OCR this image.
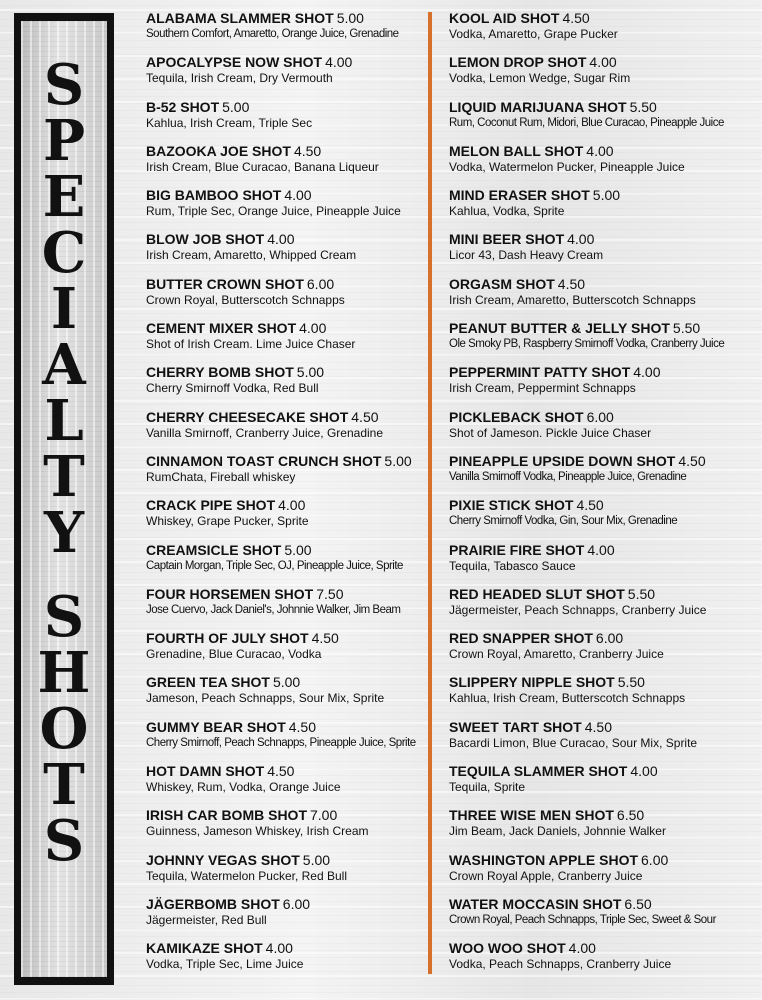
S
P
E
C
I
A
L
T
Y
S
H
O
T
S
ALABAMA SLAMMER SHOT 5.00
Southern Comfort, Amaretto, Orange Juice, Grenadine
APOCALYPSE NOW SHOT 4.00
Tequila, Irish Cream, Dry Vermouth
B-52 SHOT 5.00
Kahlua, Irish Cream, Triple Sec
BAZOOKA JOE SHOT 4.50
Irish Cream, Blue Curacao, Banana Liqueur
BIG BAMBOO SHOT 4.00
Rum, Triple Sec, Orange Juice, Pineapple Juice
BLOW JOB SHOT 4.00
Irish Cream, Amaretto, Whipped Cream
BUTTER CROWN SHOT 6.00
Crown Royal, Butterscotch Schnapps
CEMENT MIXER SHOT 4.00
Shot of Irish Cream. Lime Juice Chaser
CHERRY BOMB SHOT 5.00
Cherry Smirnoff Vodka, Red Bull
CHERRY CHEESECAKE SHOT 4.50
Vanilla Smirnoff, Cranberry Juice, Grenadine
CINNAMON TOAST CRUNCH SHOT 5.00
RumChata, Fireball whiskey
CRACK PIPE SHOT 4.00
Whiskey, Grape Pucker, Sprite
CREAMSICLE SHOT 5.00
Captain Morgan, Triple Sec, OJ, Pineapple Juice, Sprite
FOUR HORSEMEN SHOT 7.50
Jose Cuervo, Jack Daniel's, Johnnie Walker, Jim Beam
FOURTH OF JULY SHOT 4.50
Grenadine, Blue Curacao, Vodka
GREEN TEA SHOT 5.00
Jameson, Peach Schnapps, Sour Mix, Sprite
GUMMY BEAR SHOT 4.50
Cherry Smirnoff, Peach Schnapps, Pineapple Juice, Sprite
HOT DAMN SHOT 4.50
Whiskey, Rum, Vodka, Orange Juice
IRISH CAR BOMB SHOT 7.00
Guinness, Jameson Whiskey, Irish Cream
JOHNNY VEGAS SHOT 5.00
Tequila, Watermelon Pucker, Red Bull
JÄGERBOMB SHOT 6.00
Jägermeister, Red Bull
KAMIKAZE SHOT 4.00
Vodka, Triple Sec, Lime Juice
KOOL AID SHOT 4.50
Vodka, Amaretto, Grape Pucker
LEMON DROP SHOT 4.00
Vodka, Lemon Wedge, Sugar Rim
LIQUID MARIJUANA SHOT 5.50
Rum, Coconut Rum, Midori, Blue Curacao, Pineapple Juice
MELON BALL SHOT 4.00
Vodka, Watermelon Pucker, Pineapple Juice
MIND ERASER SHOT 5.00
Kahlua, Vodka, Sprite
MINI BEER SHOT 4.00
Licor 43, Dash Heavy Cream
ORGASM SHOT 4.50
Irish Cream, Amaretto, Butterscotch Schnapps
PEANUT BUTTER & JELLY SHOT 5.50
Ole Smoky PB, Raspberry Smirnoff Vodka, Cranberry Juice
PEPPERMINT PATTY SHOT 4.00
Irish Cream, Peppermint Schnapps
PICKLEBACK SHOT 6.00
Shot of Jameson. Pickle Juice Chaser
PINEAPPLE UPSIDE DOWN SHOT 4.50
Vanilla Smirnoff Vodka, Pineapple Juice, Grenadine
PIXIE STICK SHOT 4.50
Cherry Smirnoff Vodka, Gin, Sour Mix, Grenadine
PRAIRIE FIRE SHOT 4.00
Tequila, Tabasco Sauce
RED HEADED SLUT SHOT 5.50
Jägermeister, Peach Schnapps, Cranberry Juice
RED SNAPPER SHOT 6.00
Crown Royal, Amaretto, Cranberry Juice
SLIPPERY NIPPLE SHOT 5.50
Kahlua, Irish Cream, Butterscotch Schnapps
SWEET TART SHOT 4.50
Bacardi Limon, Blue Curacao, Sour Mix, Sprite
TEQUILA SLAMMER SHOT 4.00
Tequila, Sprite
THREE WISE MEN SHOT 6.50
Jim Beam, Jack Daniels, Johnnie Walker
WASHINGTON APPLE SHOT 6.00
Crown Royal Apple, Cranberry Juice
WATER MOCCASIN SHOT 6.50
Crown Royal, Peach Schnapps, Triple Sec, Sweet & Sour
WOO WOO SHOT 4.00
Vodka, Peach Schnapps, Cranberry Juice
